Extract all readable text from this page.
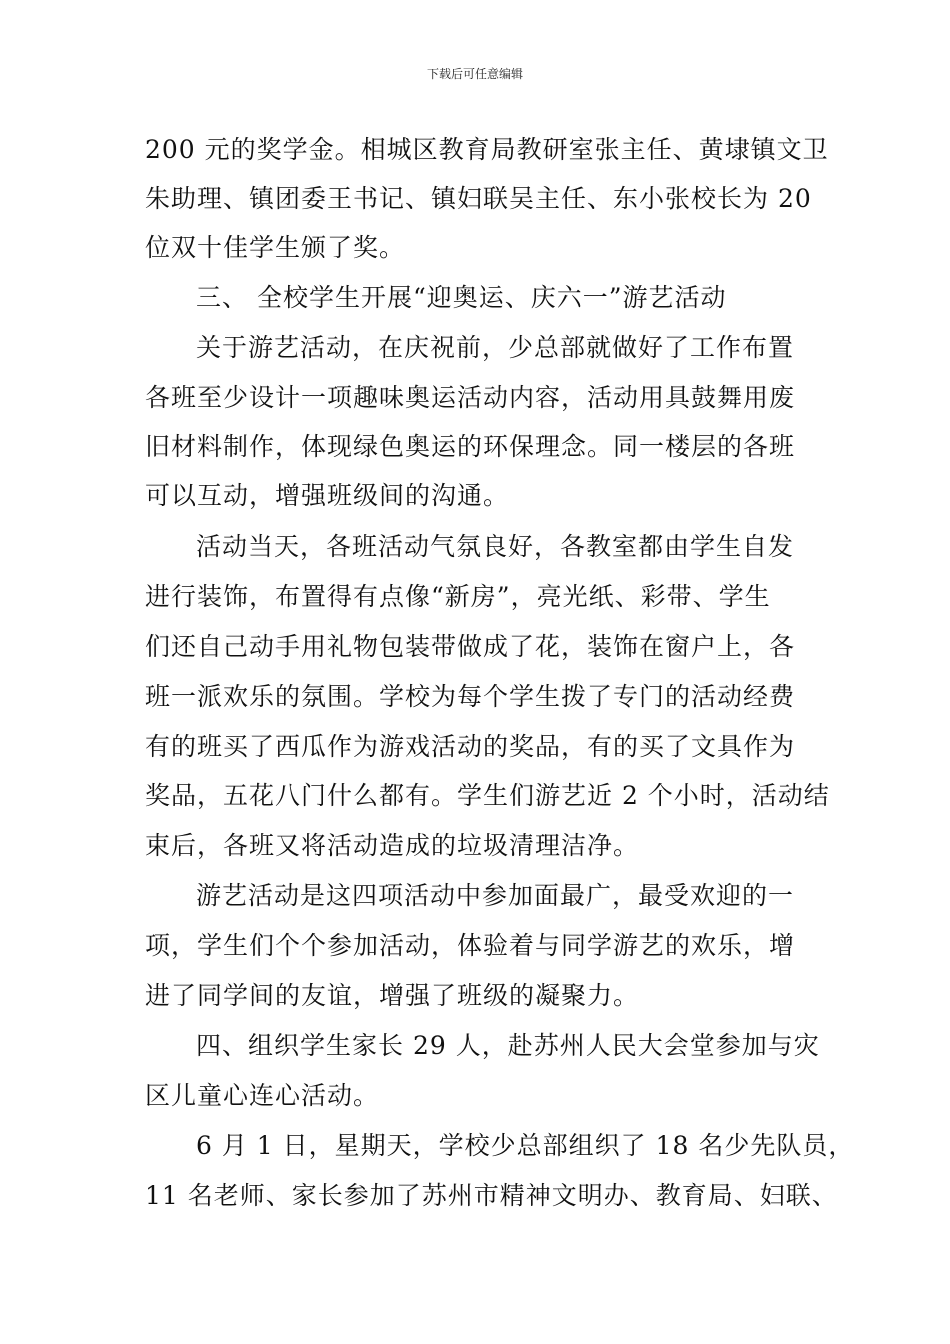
下载后可任意编辑
200 元的奖学金。相城区教育局教研室张主任、黄埭镇文卫
朱助理、镇团委王书记、镇妇联吴主任、东小张校长为 20
位双十佳学生颁了奖。
三、 全校学生开展“迎奥运、庆六一”游艺活动
关于游艺活动，在庆祝前，少总部就做好了工作布置
各班至少设计一项趣味奥运活动内容，活动用具鼓舞用废
旧材料制作，体现绿色奥运的环保理念。同一楼层的各班
可以互动，增强班级间的沟通。
活动当天，各班活动气氛良好，各教室都由学生自发
进行装饰，布置得有点像“新房”，亮光纸、彩带、学生
们还自己动手用礼物包装带做成了花，装饰在窗户上，各
班一派欢乐的氛围。学校为每个学生拨了专门的活动经费
有的班买了西瓜作为游戏活动的奖品，有的买了文具作为
奖品，五花八门什么都有。学生们游艺近 2 个小时，活动结
束后，各班又将活动造成的垃圾清理洁净。
游艺活动是这四项活动中参加面最广，最受欢迎的一
项，学生们个个参加活动，体验着与同学游艺的欢乐，增
进了同学间的友谊，增强了班级的凝聚力。
四、组织学生家长 29 人，赴苏州人民大会堂参加与灾
区儿童心连心活动。
6 月 1 日，星期天，学校少总部组织了 18 名少先队员，
11 名老师、家长参加了苏州市精神文明办、教育局、妇联、
